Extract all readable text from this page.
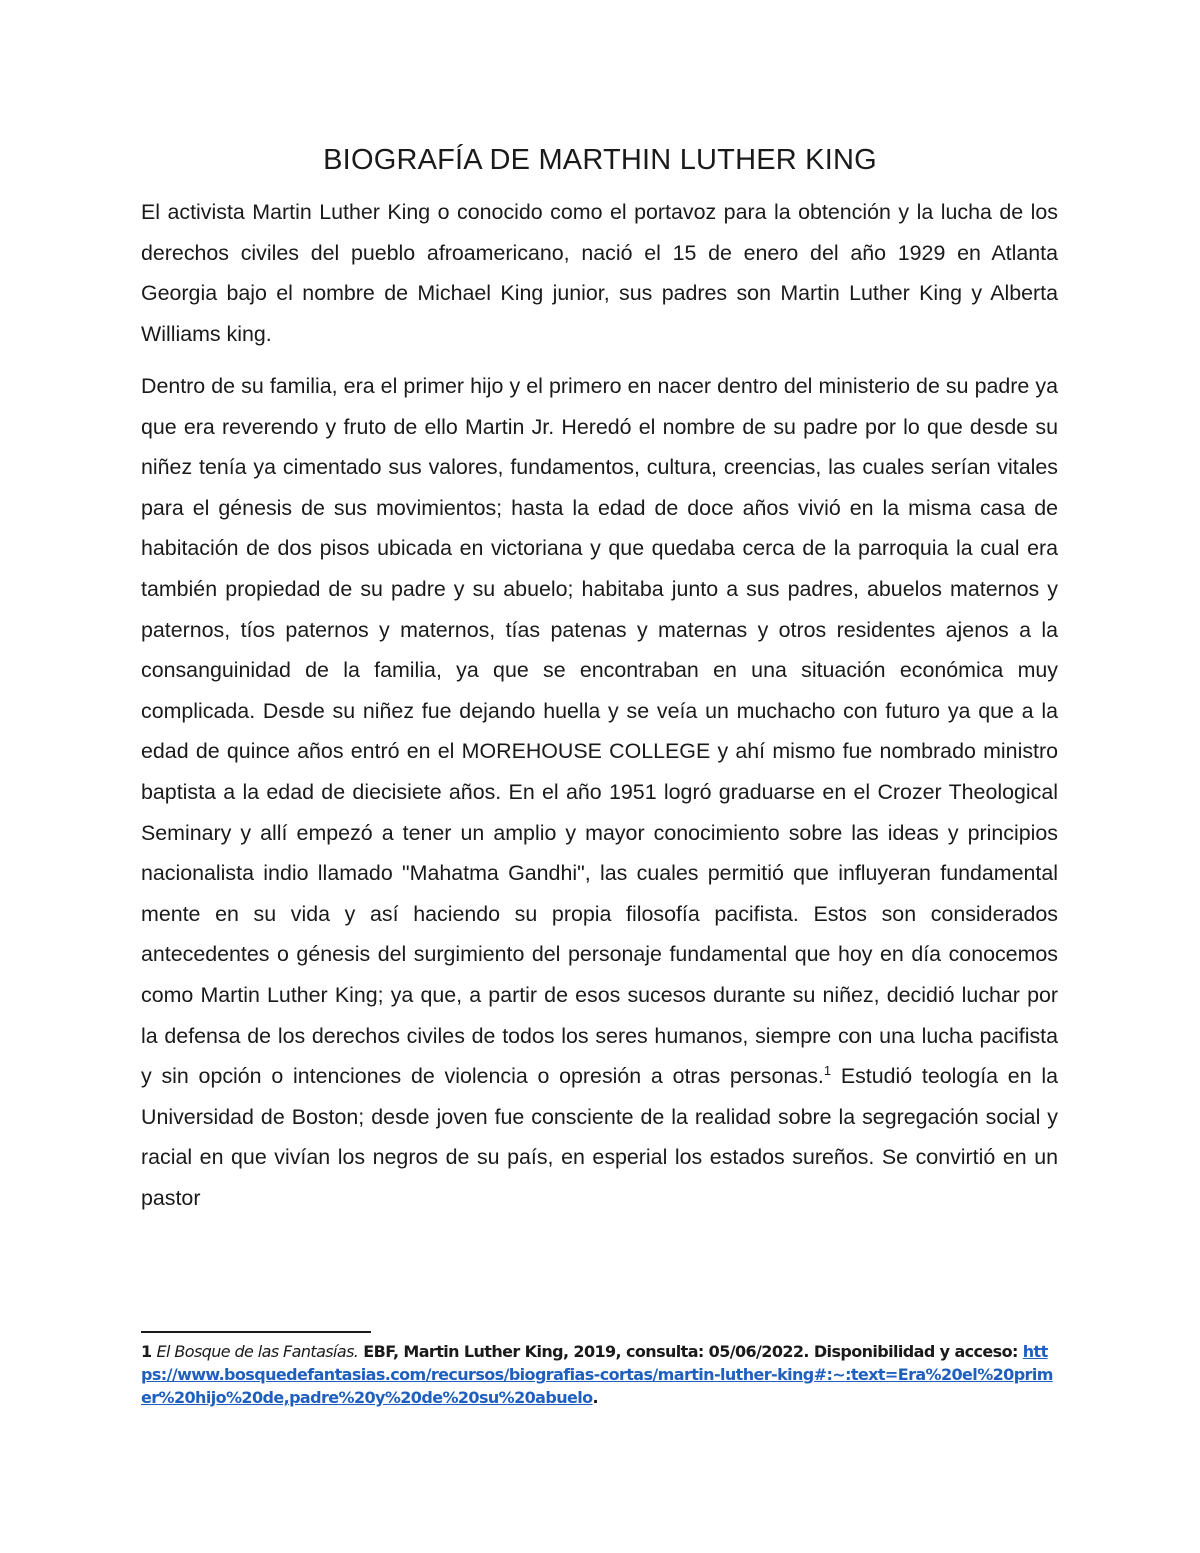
BIOGRAFÍA DE MARTHIN LUTHER KING

El activista Martin Luther King o conocido como el portavoz para la obtención y la lucha de los derechos civiles del pueblo afroamericano, nació el 15 de enero del año 1929 en Atlanta Georgia bajo el nombre de Michael King junior, sus padres son Martin Luther King y Alberta Williams king.

Dentro de su familia, era el primer hijo y el primero en nacer dentro del ministerio de su padre ya que era reverendo y fruto de ello Martin Jr. Heredó el nombre de su padre por lo que desde su niñez tenía ya cimentado sus valores, fundamentos, cultura, creencias, las cuales serían vitales para el génesis de sus movimientos; hasta la edad de doce años vivió en la misma casa de habitación de dos pisos ubicada en victoriana y que quedaba cerca de la parroquia la cual era también propiedad de su padre y su abuelo; habitaba junto a sus padres, abuelos maternos y paternos, tíos paternos y maternos, tías patenas y maternas y otros residentes ajenos a la consanguinidad de la familia, ya que se encontraban en una situación económica muy complicada. Desde su niñez fue dejando huella y se veía un muchacho con futuro ya que a la edad de quince años entró en el MOREHOUSE COLLEGE y ahí mismo fue nombrado ministro baptista a la edad de diecisiete años. En el año 1951 logró graduarse en el Crozer Theological Seminary y allí empezó a tener un amplio y mayor conocimiento sobre las ideas y principios nacionalista indio llamado "Mahatma Gandhi", las cuales permitió que influyeran fundamental mente en su vida y así haciendo su propia filosofía pacifista. Estos son considerados antecedentes o génesis del surgimiento del personaje fundamental que hoy en día conocemos como Martin Luther King; ya que, a partir de esos sucesos durante su niñez, decidió luchar por la defensa de los derechos civiles de todos los seres humanos, siempre con una lucha pacifista y sin opción o intenciones de violencia o opresión a otras personas.$^1$ Estudió teología en la Universidad de Boston; desde joven fue consciente de la realidad sobre la segregación social y racial en que vivían los negros de su país, en esperial los estados sureños. Se convirtió en un pastor

1 El Bosque de las Fantasías. EBF, Martin Luther King, 2019, consulta: 05/06/2022. Disponibilidad y acceso: https://www.bosquedefantasias.com/recursos/biografias-cortas/martin-luther-king#:~:text=Era%20el%20primer%20hijo%20de,padre%20y%20de%20su%20abuelo.
